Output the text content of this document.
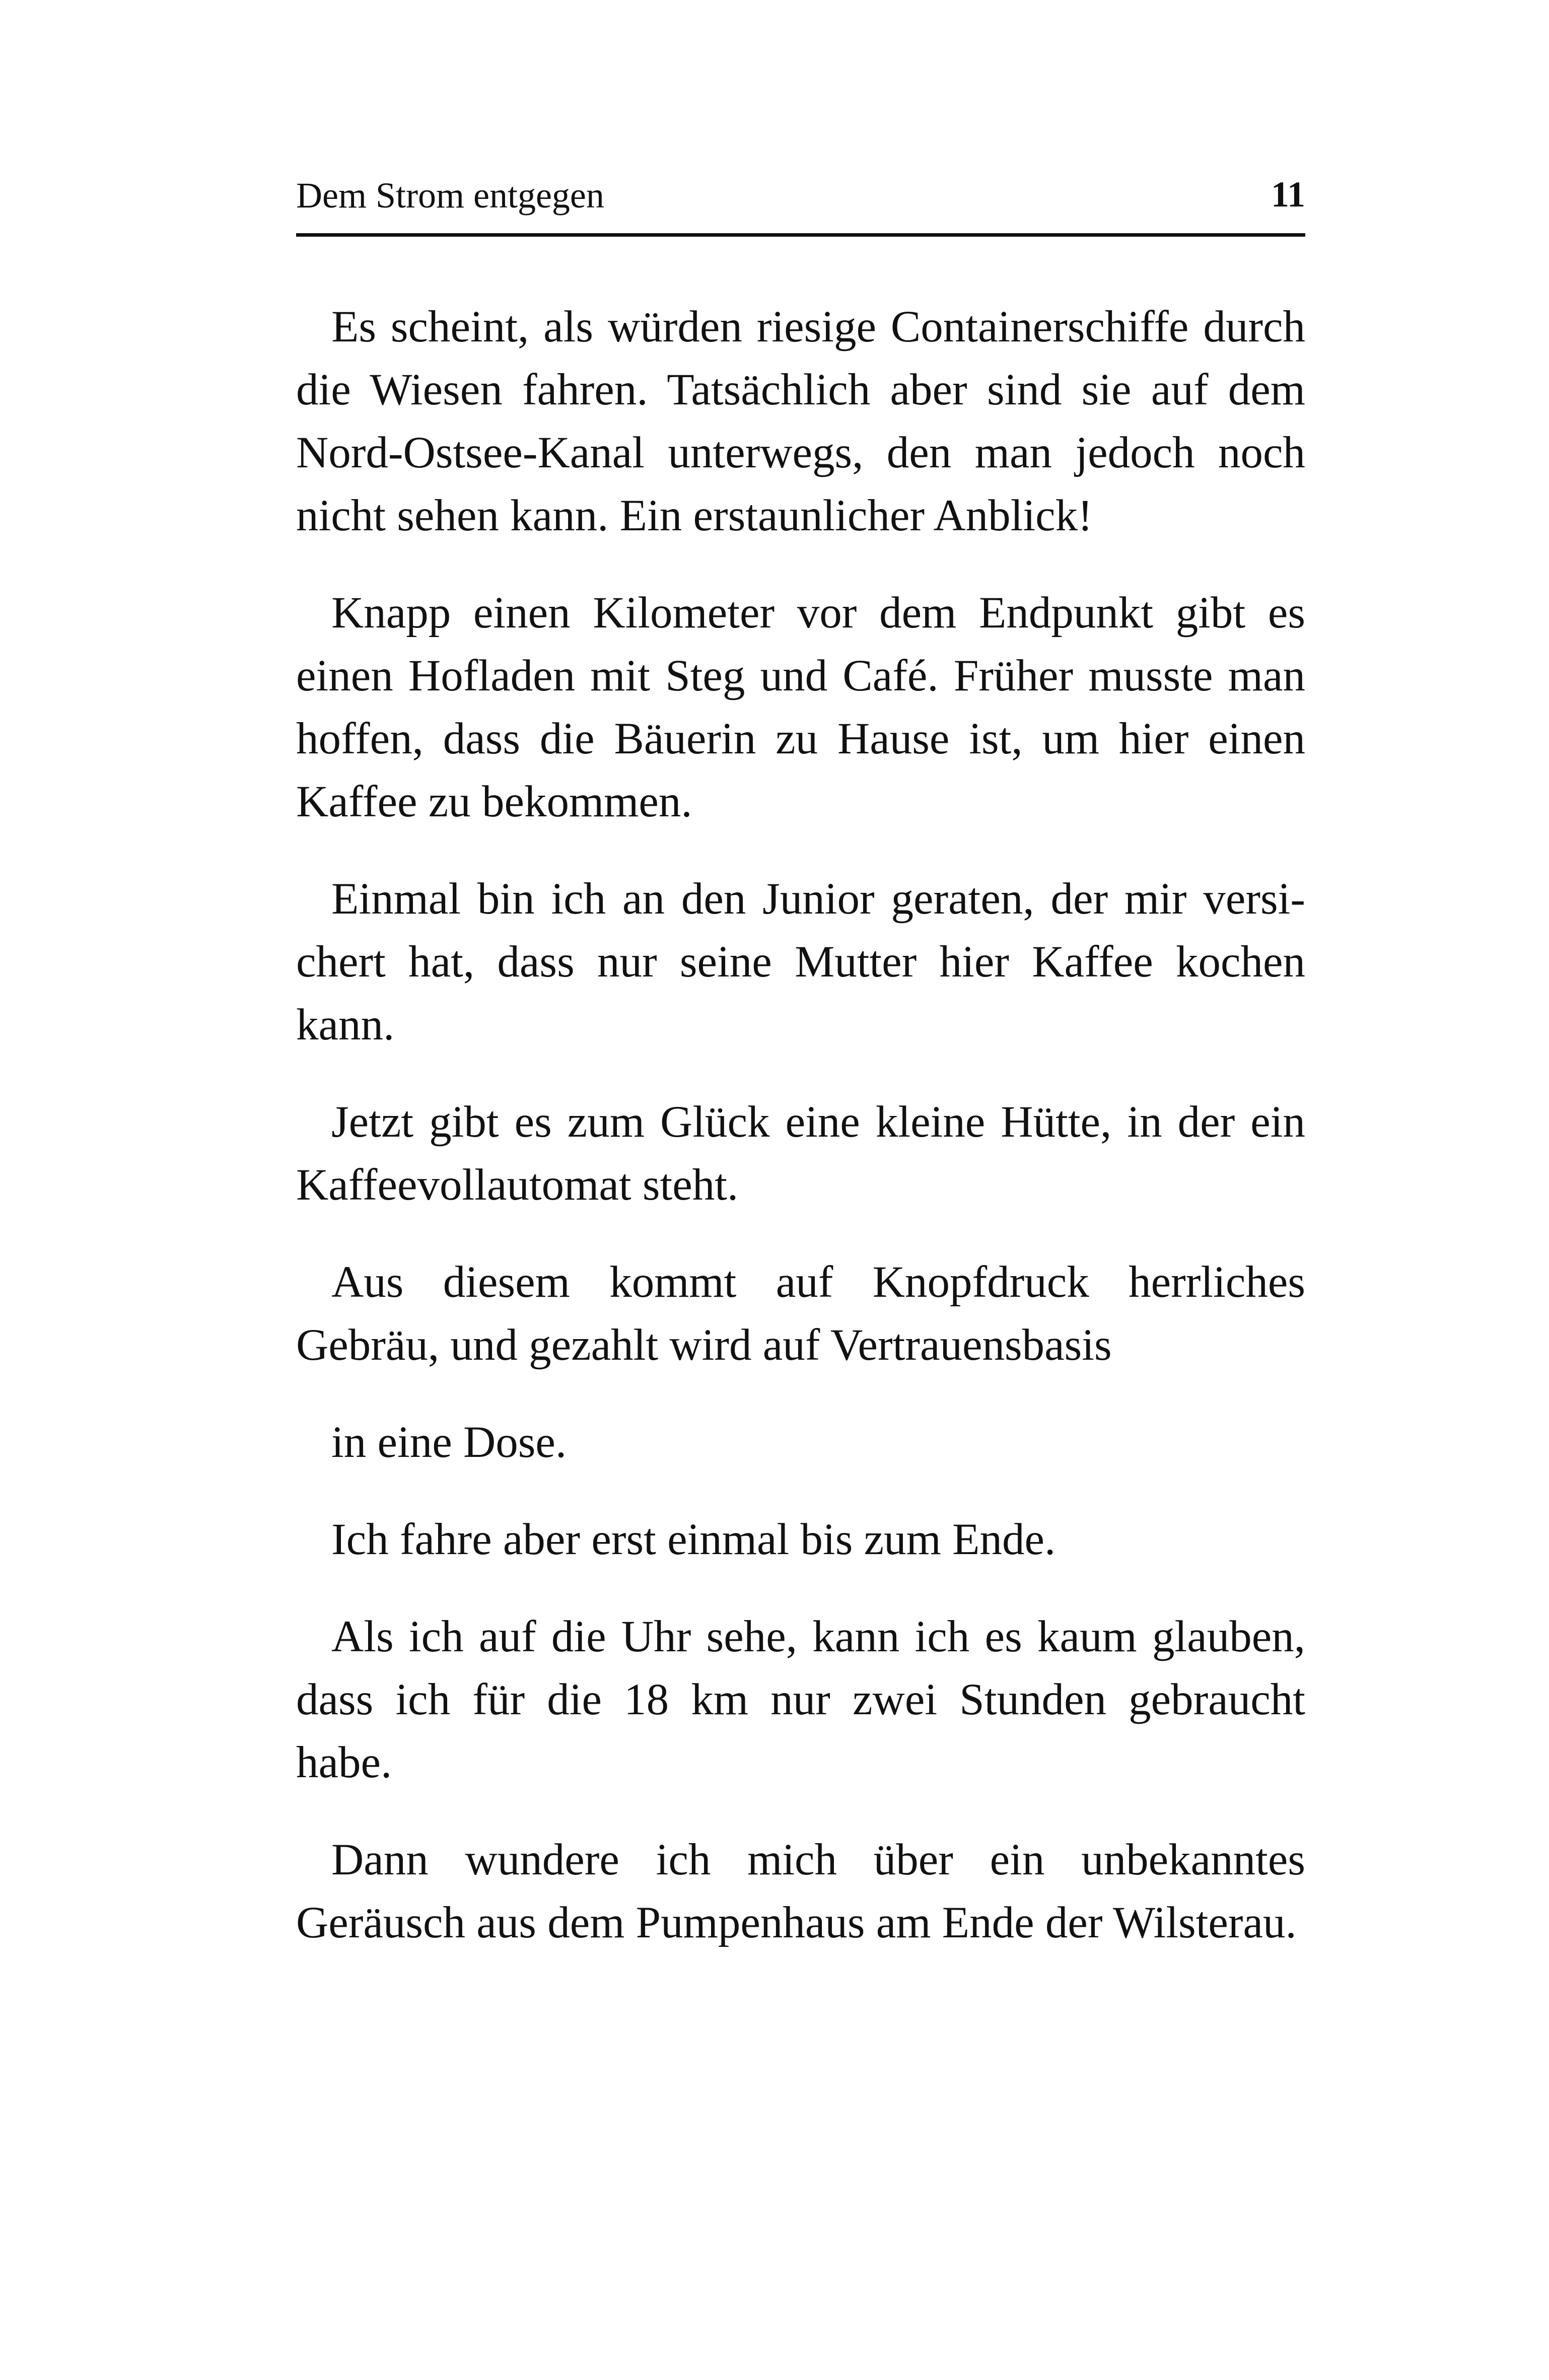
Dem Strom entgegen	11

Es scheint, als würden riesige Containerschiffe durch die Wiesen fahren. Tatsächlich aber sind sie auf dem Nord-Ostsee-Kanal unterwegs, den man jedoch noch nicht sehen kann. Ein erstaunlicher Anblick!

Knapp einen Kilometer vor dem Endpunkt gibt es einen Hofladen mit Steg und Café. Früher musste man hoffen, dass die Bäuerin zu Hause ist, um hier einen Kaffee zu bekommen.

Einmal bin ich an den Junior geraten, der mir versichert hat, dass nur seine Mutter hier Kaffee kochen kann.

Jetzt gibt es zum Glück eine kleine Hütte, in der ein Kaffeevollautomat steht.

Aus diesem kommt auf Knopfdruck herrliches Gebräu, und gezahlt wird auf Vertrauensbasis

in eine Dose.

Ich fahre aber erst einmal bis zum Ende.

Als ich auf die Uhr sehe, kann ich es kaum glauben, dass ich für die 18 km nur zwei Stunden gebraucht habe.

Dann wundere ich mich über ein unbekanntes Geräusch aus dem Pumpenhaus am Ende der Wilsterau.
